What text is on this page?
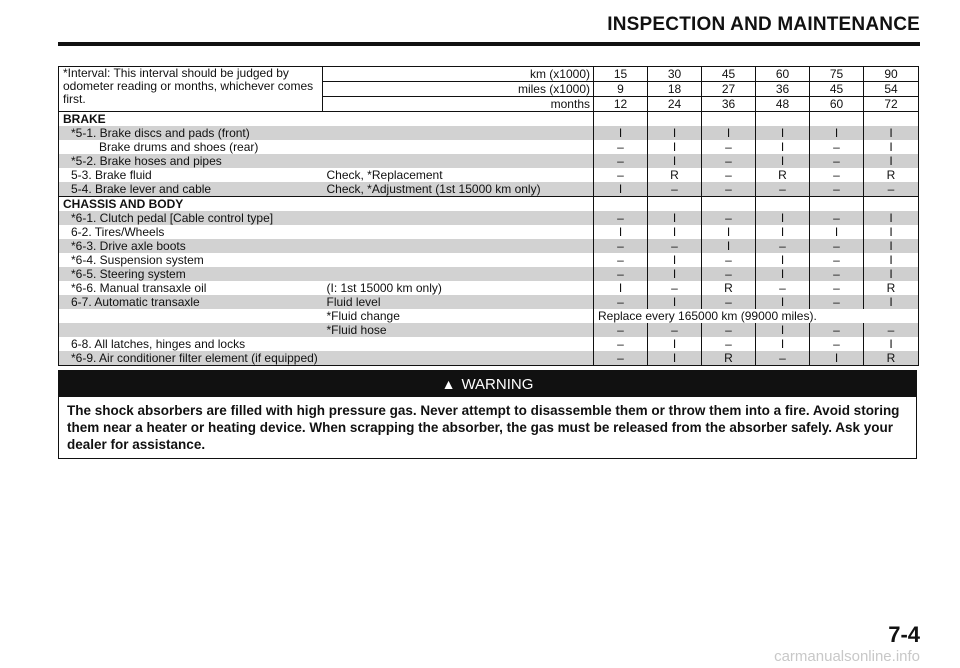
INSPECTION AND MAINTENANCE
*Interval: This interval should be judged by odometer reading or months, whichever comes first.	km (x1000)	15	30	45	60	75	90
	miles (x1000)	9	18	27	36	45	54
	months	12	24	36	48	60	72
BRAKE							
*5-1. Brake discs and pads (front)		I	I	I	I	I	I
Brake drums and shoes (rear)		–	I	–	I	–	I
*5-2. Brake hoses and pipes		–	I	–	I	–	I
5-3. Brake fluid	Check, *Replacement	–	R	–	R	–	R
5-4. Brake lever and cable	Check, *Adjustment (1st 15000 km only)	I	–	–	–	–	–
CHASSIS AND BODY							
*6-1. Clutch pedal [Cable control type]		–	I	–	I	–	I
6-2. Tires/Wheels		I	I	I	I	I	I
*6-3. Drive axle boots		–	–	I	–	–	I
*6-4. Suspension system		–	I	–	I	–	I
*6-5. Steering system		–	I	–	I	–	I
*6-6. Manual transaxle oil	(I: 1st 15000 km only)	I	–	R	–	–	R
6-7. Automatic transaxle	Fluid level	–	I	–	I	–	I
	*Fluid change	Replace every 165000 km (99000 miles).					
	*Fluid hose	–	–	–	I	–	–
6-8. All latches, hinges and locks		–	I	–	I	–	I
*6-9. Air conditioner filter element (if equipped)		–	I	R	–	I	R
▲ WARNING
The shock absorbers are filled with high pressure gas. Never attempt to disassemble them or throw them into a fire. Avoid storing them near a heater or heating device. When scrapping the absorber, the gas must be released from the absorber safely. Ask your dealer for assistance.
7-4
carmanualsonline.info
